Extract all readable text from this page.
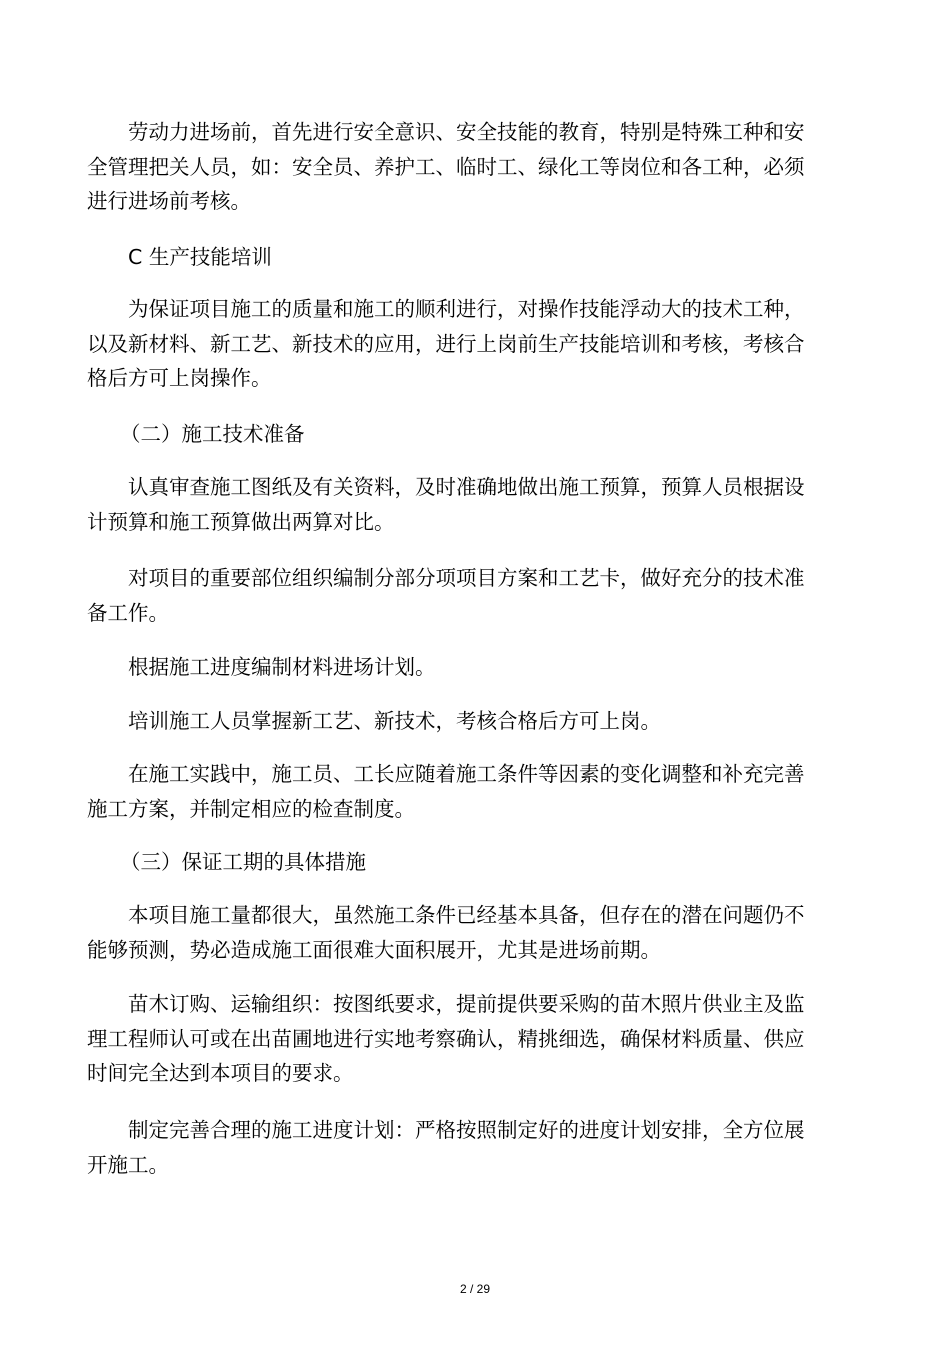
劳动力进场前，首先进行安全意识、安全技能的教育，特别是特殊工种和安全管理把关人员，如：安全员、养护工、临时工、绿化工等岗位和各工种，必须进行进场前考核。

C 生产技能培训

为保证项目施工的质量和施工的顺利进行，对操作技能浮动大的技术工种，以及新材料、新工艺、新技术的应用，进行上岗前生产技能培训和考核，考核合格后方可上岗操作。

（二）施工技术准备

认真审查施工图纸及有关资料，及时准确地做出施工预算，预算人员根据设计预算和施工预算做出两算对比。

对项目的重要部位组织编制分部分项项目方案和工艺卡，做好充分的技术准备工作。

根据施工进度编制材料进场计划。

培训施工人员掌握新工艺、新技术，考核合格后方可上岗。

在施工实践中，施工员、工长应随着施工条件等因素的变化调整和补充完善施工方案，并制定相应的检查制度。

（三）保证工期的具体措施

本项目施工量都很大，虽然施工条件已经基本具备，但存在的潜在问题仍不能够预测，势必造成施工面很难大面积展开，尤其是进场前期。

苗木订购、运输组织：按图纸要求，提前提供要采购的苗木照片供业主及监理工程师认可或在出苗圃地进行实地考察确认，精挑细选，确保材料质量、供应时间完全达到本项目的要求。

制定完善合理的施工进度计划：严格按照制定好的进度计划安排，全方位展开施工。

2 / 29
